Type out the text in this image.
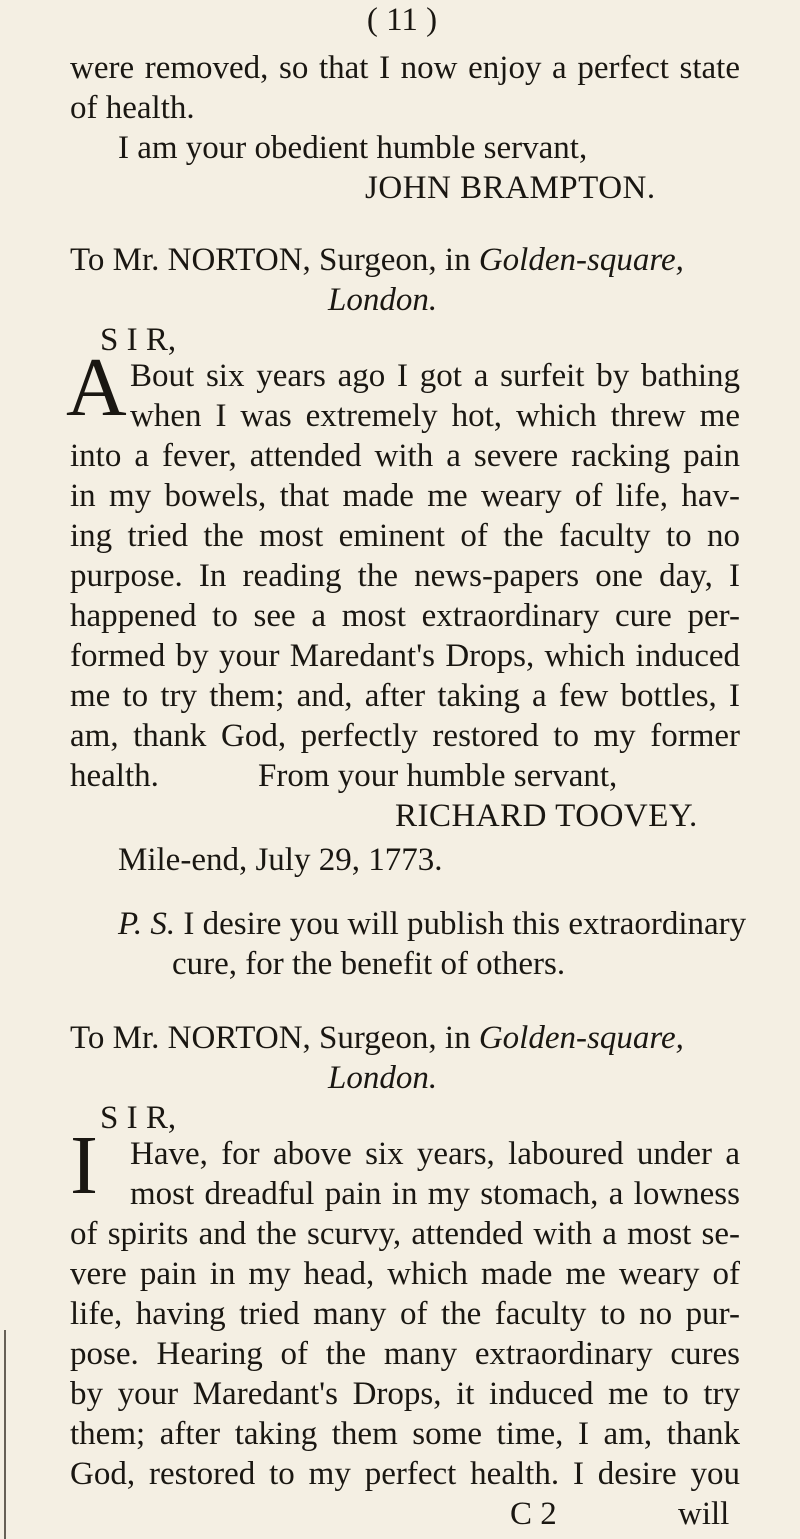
( 11 )
were removed, so that I now enjoy a perfect state
of health.
I am your obedient humble servant,
JOHN BRAMPTON.
To Mr. NORTON, Surgeon, in Golden-square,
London.
S I R,
A Bout six years ago I got a surfeit by bathing
when I was extremely hot, which threw me
into a fever, attended with a severe racking pain
in my bowels, that made me weary of life, hav-
ing tried the most eminent of the faculty to no
purpose. In reading the news-papers one day, I
happened to see a most extraordinary cure per-
formed by your Maredant's Drops, which induced
me to try them; and, after taking a few bottles, I
am, thank God, perfectly restored to my former
health.	From your humble servant,
RICHARD TOOVEY.
Mile-end, July 29, 1773.
P. S. I desire you will publish this extraordinary
cure, for the benefit of others.
To Mr. NORTON, Surgeon, in Golden-square,
London.
S I R,
I Have, for above six years, laboured under a
most dreadful pain in my stomach, a lowness
of spirits and the scurvy, attended with a most se-
vere pain in my head, which made me weary of
life, having tried many of the faculty to no pur-
pose. Hearing of the many extraordinary cures
by your Maredant's Drops, it induced me to try
them; after taking them some time, I am, thank
God, restored to my perfect health. I desire you
C 2	will
